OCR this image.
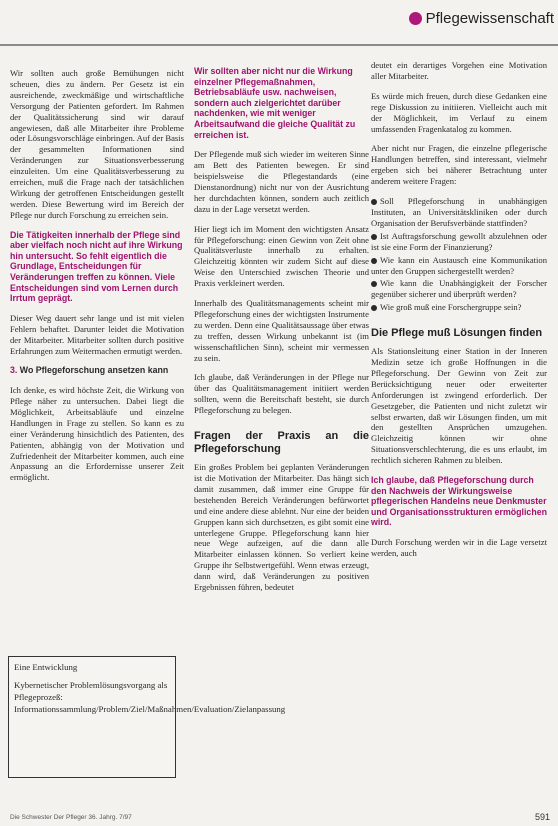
Pflegewissenschaft

Wir sollten auch große Bemühungen nicht scheuen, dies zu ändern. Per Gesetz ist ein ausreichende, zweckmäßige und wirtschaftliche Versorgung der Patienten gefordert. Im Rahmen der Qualitätssicherung sind wir darauf angewiesen, daß alle Mitarbeiter ihre Probleme oder Lösungsvorschläge einbringen. Auf der Basis der gesammelten Informationen sind Veränderungen zur Situationsverbesserung einzuleiten. Um eine Qualitätsverbesserung zu erreichen, muß die Frage nach der tatsächlichen Wirkung der getroffenen Entscheidungen gestellt werden. Diese Bewertung wird im Bereich der Pflege nur durch Forschung zu erreichen sein.

Die Tätigkeiten innerhalb der Pflege sind aber vielfach noch nicht auf ihre Wirkung hin untersucht. So fehlt eigentlich die Grundlage, Entscheidungen für Veränderungen treffen zu können. Viele Entscheidungen sind vom Lernen durch Irrtum geprägt.

Dieser Weg dauert sehr lange und ist mit vielen Fehlern behaftet. Darunter leidet die Motivation der Mitarbeiter. Mitarbeiter sollten durch positive Erfahrungen zum Weitermachen ermutigt werden.

3. Wo Pflegeforschung ansetzen kann

Ich denke, es wird höchste Zeit, die Wirkung von Pflege näher zu untersuchen. Dabei liegt die Möglichkeit, Arbeitsabläufe und einzelne Handlungen in Frage zu stellen. So kann es zu einer Veränderung hinsichtlich des Patienten, des Patienten, abhängig von der Motivation und Zufriedenheit der Mitarbeiter kommen, auch eine Anpassung an die Erfordernisse unserer Zeit ermöglicht.

Eine Entwicklung
Kybernetischer Problemlösungsvorgang als Pflegeprozeß: Informationssammlung/Problem/Ziel/Maßnahmen/Evaluation/Zielanpassung

Wir sollten aber nicht nur die Wirkung einzelner Pflegemaßnahmen, Betriebsabläufe usw. nachweisen, sondern auch zielgerichtet darüber nachdenken, wie mit weniger Arbeitsaufwand die gleiche Qualität zu erreichen ist.

Der Pflegende muß sich wieder im weiteren Sinne am Bett des Patienten bewegen. Er sind beispielsweise die Pflegestandards (eine Dienstanordnung) nicht nur von der Ausrichtung her durchdachten können, sondern auch zeitlich dazu in der Lage versetzt werden.

Hier liegt ich im Moment den wichtigsten Ansatz für Pflegeforschung: einen Gewinn von Zeit ohne Qualitätsverluste innerhalb zu erhalten. Gleichzeitig könnten wir zudem Sicht auf diese Weise den Unterschied zwischen Theorie und Praxis verkleinert werden.

Innerhalb des Qualitätsmanagements scheint mir Pflegeforschung eines der wichtigsten Instrumente zu werden. Denn eine Qualitätsaussage über etwas zu treffen, dessen Wirkung unbekannt ist (im wissenschaftlichen Sinn), scheint mir vermessen zu sein.

Ich glaube, daß Veränderungen in der Pflege nur über das Qualitätsmanagement initiiert werden sollten, wenn die Bereitschaft besteht, sie durch Pflegeforschung zu belegen.

Fragen der Praxis an die Pflegeforschung

Ein großes Problem bei geplanten Veränderungen ist die Motivation der Mitarbeiter. Das hängt sich damit zusammen, daß immer eine Gruppe für bestehenden Bereich Veränderungen befürwortet und eine andere diese ablehnt. Nur eine der beiden Gruppen kann sich durchsetzen, es gibt somit eine unterlegene Gruppe. Pflegeforschung kann hier neue Wege aufzeigen, auf die dann alle Mitarbeiter einlassen können. So verliert keine Gruppe ihr Selbstwertgefühl. Wenn etwas erzeugt, dann wird, daß Veränderungen zu positiven Ergebnissen führen, bedeutet

deutet ein derartiges Vorgehen eine Motivation aller Mitarbeiter.

Es würde mich freuen, durch diese Gedanken eine rege Diskussion zu initiieren. Vielleicht auch mit der Möglichkeit, im Verlauf zu einem umfassenden Fragenkatalog zu kommen.

Aber nicht nur Fragen, die einzelne pflegerische Handlungen betreffen, sind interessant, vielmehr ergeben sich bei näherer Betrachtung unter anderem weitere Fragen:

Soll Pflegeforschung in unabhängigen Instituten, an Universitätskliniken oder durch Organisation der Berufsverbände stattfinden?
Ist Auftragsforschung gewollt abzulehnen oder ist sie eine Form der Finanzierung?
Wie kann ein Austausch eine Kommunikation unter den Gruppen sichergestellt werden?
Wie kann die Unabhängigkeit der Forscher gegenüber sicherer und überprüft werden?
Wie groß muß eine Forschergruppe sein?
Die Pflege muß Lösungen finden

Als Stationsleitung einer Station in der Inneren Medizin setze ich große Hoffnungen in die Pflegeforschung. Der Gewinn von Zeit zur Berücksichtigung neuer oder erweiterter Anforderungen ist zwingend erforderlich. Der Gesetzgeber, die Patienten und nicht zuletzt wir selbst erwarten, daß wir Lösungen finden, um mit den gestellten Ansprüchen umzugehen. Gleichzeitig können wir ohne Situationsverschlechterung, die es uns erlaubt, im rechtlich sicheren Rahmen zu bleiben.

Ich glaube, daß Pflegeforschung durch den Nachweis der Wirkungsweise pflegerischen Handelns neue Denkmuster und Organisationsstrukturen ermöglichen wird.

Durch Forschung werden wir in die Lage versetzt werden, auch

Die Schwester Der Pfleger 36. Jahrg. 7/97	591
